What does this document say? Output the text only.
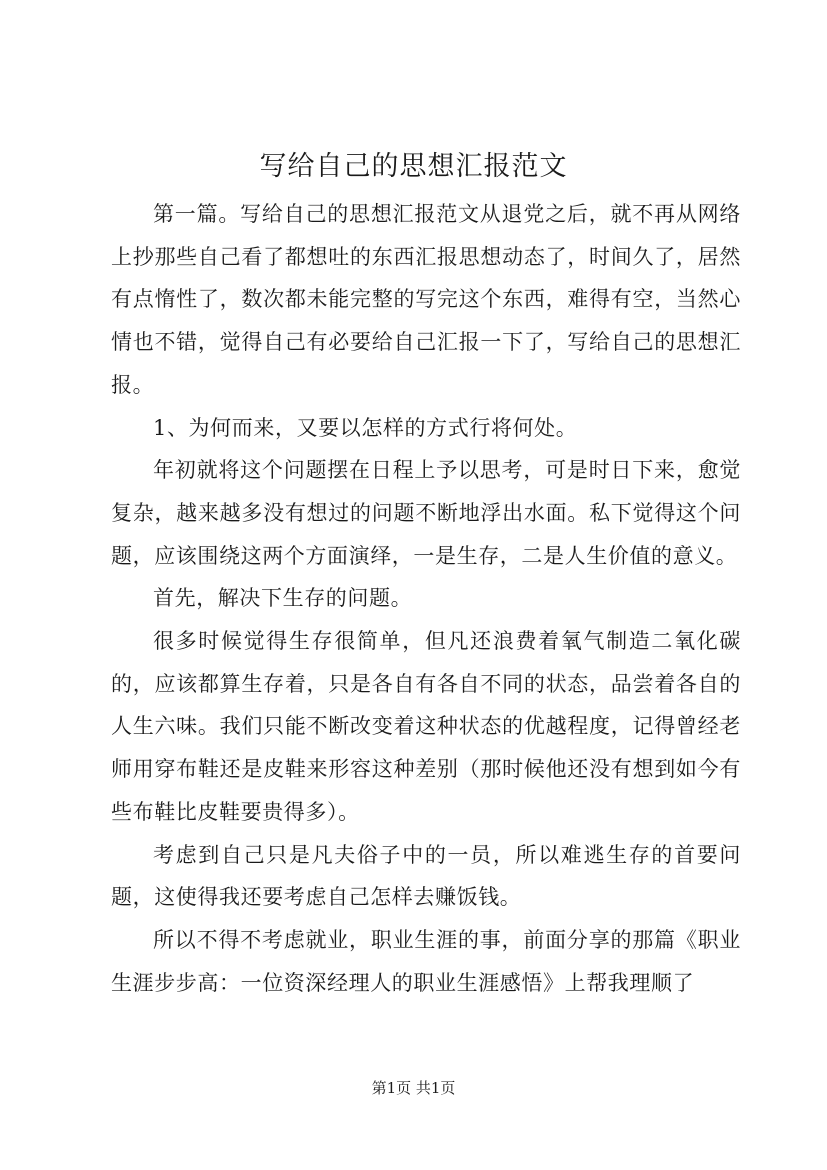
写给自己的思想汇报范文

第一篇。写给自己的思想汇报范文从退党之后，就不再从网络上抄那些自己看了都想吐的东西汇报思想动态了，时间久了，居然有点惰性了，数次都未能完整的写完这个东西，难得有空，当然心情也不错，觉得自己有必要给自己汇报一下了，写给自己的思想汇报。

1、为何而来，又要以怎样的方式行将何处。

年初就将这个问题摆在日程上予以思考，可是时日下来，愈觉复杂，越来越多没有想过的问题不断地浮出水面。私下觉得这个问题，应该围绕这两个方面演绎，一是生存，二是人生价值的意义。

首先，解决下生存的问题。

很多时候觉得生存很简单，但凡还浪费着氧气制造二氧化碳的，应该都算生存着，只是各自有各自不同的状态，品尝着各自的人生六味。我们只能不断改变着这种状态的优越程度，记得曾经老师用穿布鞋还是皮鞋来形容这种差别（那时候他还没有想到如今有些布鞋比皮鞋要贵得多）。

考虑到自己只是凡夫俗子中的一员，所以难逃生存的首要问题，这使得我还要考虑自己怎样去赚饭钱。

所以不得不考虑就业，职业生涯的事，前面分享的那篇《职业生涯步步高：一位资深经理人的职业生涯感悟》上帮我理顺了

第1页 共1页
